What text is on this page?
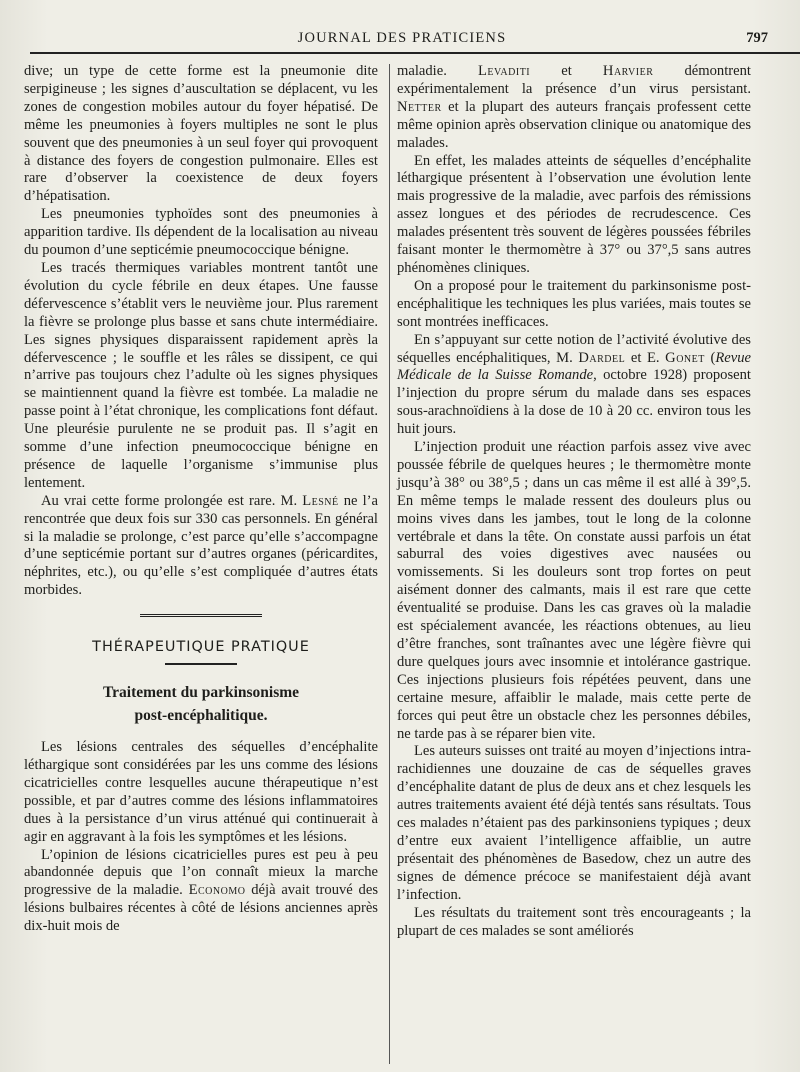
JOURNAL DES PRATICIENS	797

dive; un type de cette forme est la pneumonie dite serpigineuse ; les signes d’auscultation se déplacent, vu les zones de congestion mobiles autour du foyer hépatisé. De même les pneumonies à foyers multiples ne sont le plus souvent que des pneumonies à un seul foyer qui provoquent à distance des foyers de congestion pulmonaire. Elles est rare d’observer la coexistence de deux foyers d’hépatisation.

Les pneumonies typhoïdes sont des pneumonies à apparition tardive. Ils dépendent de la localisation au niveau du poumon d’une septicémie pneumococcique bénigne.

Les tracés thermiques variables montrent tantôt une évolution du cycle fébrile en deux étapes. Une fausse défervescence s’établit vers le neuvième jour. Plus rarement la fièvre se prolonge plus basse et sans chute intermédiaire. Les signes physiques disparaissent rapidement après la défervescence ; le souffle et les râles se dissipent, ce qui n’arrive pas toujours chez l’adulte où les signes physiques se maintiennent quand la fièvre est tombée. La maladie ne passe point à l’état chronique, les complications font défaut. Une pleurésie purulente ne se produit pas. Il s’agit en somme d’une infection pneumococcique bénigne en présence de laquelle l’organisme s’immunise plus lentement.

Au vrai cette forme prolongée est rare. M. Lesné ne l’a rencontrée que deux fois sur 330 cas personnels. En général si la maladie se prolonge, c’est parce qu’elle s’accompagne d’une septicémie portant sur d’autres organes (péricardites, néphrites, etc.), ou qu’elle s’est compliquée d’autres états morbides.

THÉRAPEUTIQUE PRATIQUE
Traitement du parkinsonisme
post-encéphalitique.

Les lésions centrales des séquelles d’encéphalite léthargique sont considérées par les uns comme des lésions cicatricielles contre lesquelles aucune thérapeutique n’est possible, et par d’autres comme des lésions inflammatoires dues à la persistance d’un virus atténué qui continuerait à agir en aggravant à la fois les symptômes et les lésions.

L’opinion de lésions cicatricielles pures est peu à peu abandonnée depuis que l’on connaît mieux la marche progressive de la maladie. Economo déjà avait trouvé des lésions bulbaires récentes à côté de lésions anciennes après dix-huit mois de

maladie. Levaditi et Harvier démontrent expérimentalement la présence d’un virus persistant. Netter et la plupart des auteurs français professent cette même opinion après observation clinique ou anatomique des malades.

En effet, les malades atteints de séquelles d’encéphalite léthargique présentent à l’observation une évolution lente mais progressive de la maladie, avec parfois des rémissions assez longues et des périodes de recrudescence. Ces malades présentent très souvent de légères poussées fébriles faisant monter le thermomètre à 37° ou 37°,5 sans autres phénomènes cliniques.

On a proposé pour le traitement du parkinsonisme post-encéphalitique les techniques les plus variées, mais toutes se sont montrées inefficaces.

En s’appuyant sur cette notion de l’activité évolutive des séquelles encéphalitiques, M. Dardel et E. Gonet (Revue Médicale de la Suisse Romande, octobre 1928) proposent l’injection du propre sérum du malade dans ses espaces sous-arachnoïdiens à la dose de 10 à 20 cc. environ tous les huit jours.

L’injection produit une réaction parfois assez vive avec poussée fébrile de quelques heures ; le thermomètre monte jusqu’à 38° ou 38°,5 ; dans un cas même il est allé à 39°,5. En même temps le malade ressent des douleurs plus ou moins vives dans les jambes, tout le long de la colonne vertébrale et dans la tête. On constate aussi parfois un état saburral des voies digestives avec nausées ou vomissements. Si les douleurs sont trop fortes on peut aisément donner des calmants, mais il est rare que cette éventualité se produise. Dans les cas graves où la maladie est spécialement avancée, les réactions obtenues, au lieu d’être franches, sont traînantes avec une légère fièvre qui dure quelques jours avec insomnie et intolérance gastrique. Ces injections plusieurs fois répétées peuvent, dans une certaine mesure, affaiblir le malade, mais cette perte de forces qui peut être un obstacle chez les personnes débiles, ne tarde pas à se réparer bien vite.

Les auteurs suisses ont traité au moyen d’injections intra-rachidiennes une douzaine de cas de séquelles graves d’encéphalite datant de plus de deux ans et chez lesquels les autres traitements avaient été déjà tentés sans résultats. Tous ces malades n’étaient pas des parkinsoniens typiques ; deux d’entre eux avaient l’intelligence affaiblie, un autre présentait des phénomènes de Basedow, chez un autre des signes de démence précoce se manifestaient déjà avant l’infection.

Les résultats du traitement sont très encourageants ; la plupart de ces malades se sont améliorés
